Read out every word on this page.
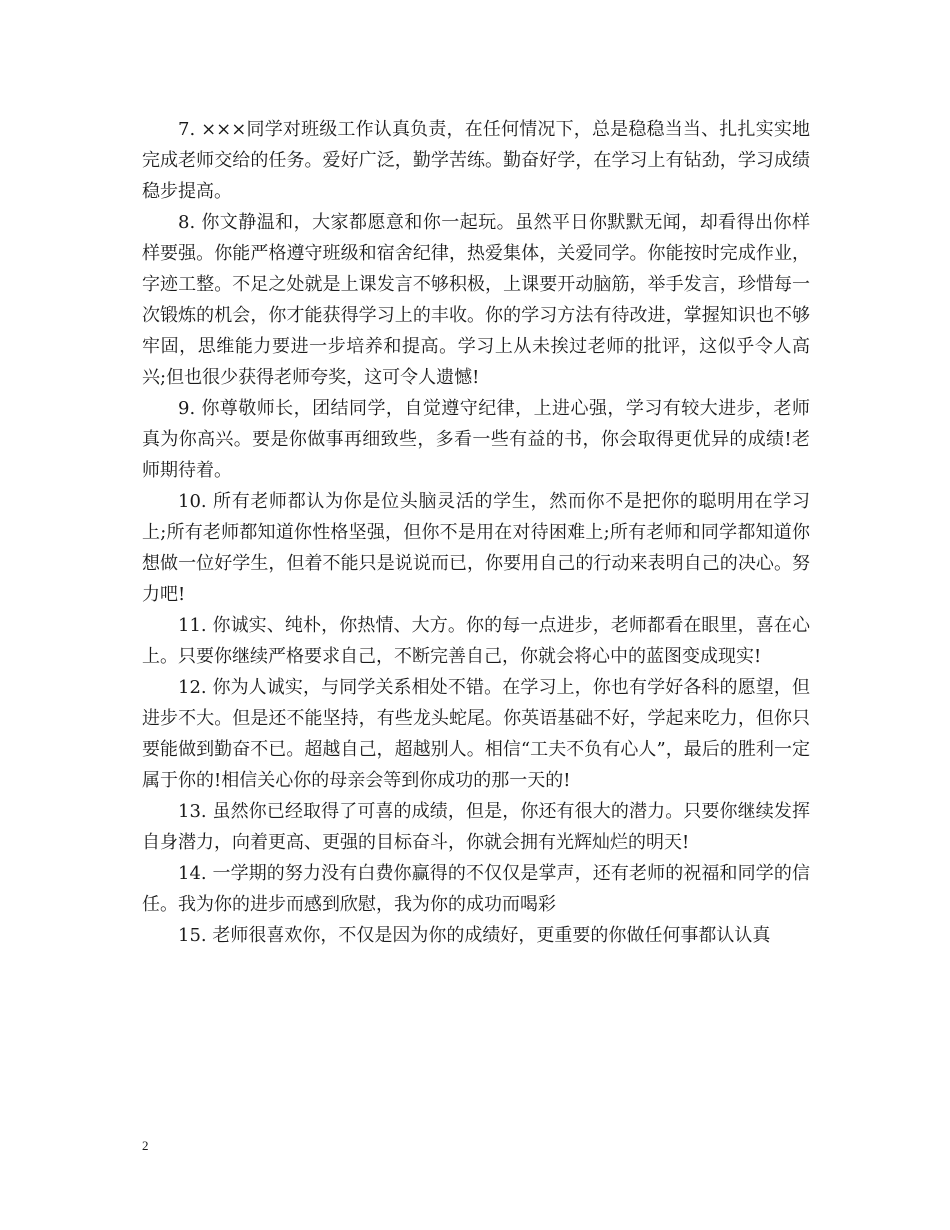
7. ×××同学对班级工作认真负责，在任何情况下，总是稳稳当当、扎扎实实地完成老师交给的任务。爱好广泛，勤学苦练。勤奋好学，在学习上有钻劲，学习成绩稳步提高。

8. 你文静温和，大家都愿意和你一起玩。虽然平日你默默无闻，却看得出你样样要强。你能严格遵守班级和宿舍纪律，热爱集体，关爱同学。你能按时完成作业，字迹工整。不足之处就是上课发言不够积极，上课要开动脑筋，举手发言，珍惜每一次锻炼的机会，你才能获得学习上的丰收。你的学习方法有待改进，掌握知识也不够牢固，思维能力要进一步培养和提高。学习上从未挨过老师的批评，这似乎令人高兴;但也很少获得老师夸奖，这可令人遗憾!

9. 你尊敬师长，团结同学，自觉遵守纪律，上进心强，学习有较大进步，老师真为你高兴。要是你做事再细致些，多看一些有益的书，你会取得更优异的成绩!老师期待着。

10. 所有老师都认为你是位头脑灵活的学生，然而你不是把你的聪明用在学习上;所有老师都知道你性格坚强，但你不是用在对待困难上;所有老师和同学都知道你想做一位好学生，但着不能只是说说而已，你要用自己的行动来表明自己的决心。努力吧!

11. 你诚实、纯朴，你热情、大方。你的每一点进步，老师都看在眼里，喜在心上。只要你继续严格要求自己，不断完善自己，你就会将心中的蓝图变成现实!

12. 你为人诚实，与同学关系相处不错。在学习上，你也有学好各科的愿望，但进步不大。但是还不能坚持，有些龙头蛇尾。你英语基础不好，学起来吃力，但你只要能做到勤奋不已。超越自己，超越别人。相信“工夫不负有心人”，最后的胜利一定属于你的!相信关心你的母亲会等到你成功的那一天的!

13. 虽然你已经取得了可喜的成绩，但是，你还有很大的潜力。只要你继续发挥自身潜力，向着更高、更强的目标奋斗，你就会拥有光辉灿烂的明天!

14. 一学期的努力没有白费你赢得的不仅仅是掌声，还有老师的祝福和同学的信任。我为你的进步而感到欣慰，我为你的成功而喝彩

15. 老师很喜欢你，不仅是因为你的成绩好，更重要的你做任何事都认认真

2
